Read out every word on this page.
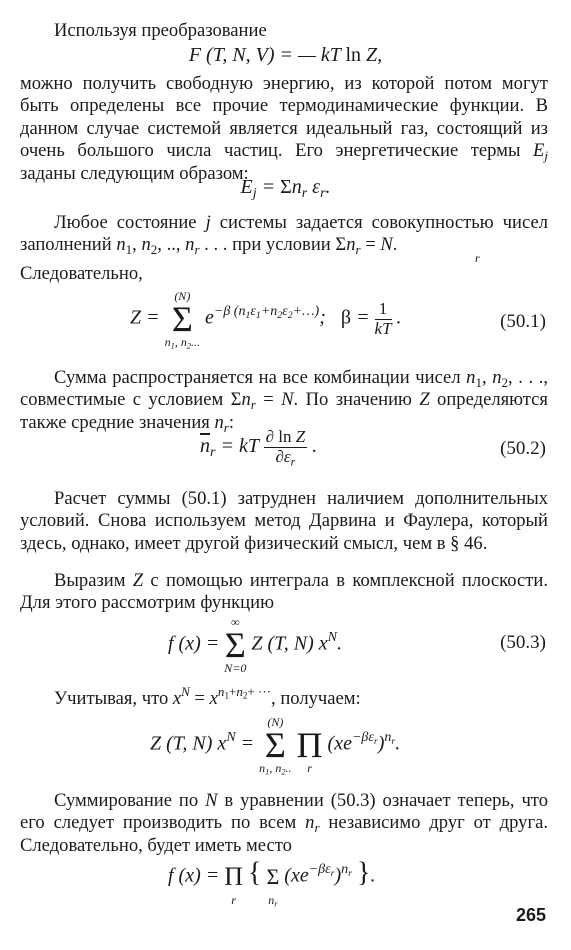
Используя преобразование

F (T, N, V) = — kT ln Z,

можно получить свободную энергию, из которой потом могут быть определены все прочие термодинамические функции. В данном случае системой является идеальный газ, состоящий из очень большого числа частиц. Его энергетические термы $E_j$ заданы следующим образом:

$E_j = \Sigma n_r$ $\varepsilon_r$.

Любое состояние j системы задается совокупностью чисел заполнений $n_1$, $n_2$, .., $n_r$ . . . при условии $\Sigma n_r = N$.

r

Следовательно,

Z =
(N)
Σ
$n_1$, $n_2$...
$e^{-\beta (n_1\varepsilon_1+n_2\varepsilon_2+\dots)}$;   $\beta = \frac{1}{kT}$ .	(50.1)

Сумма распространяется на все комбинации чисел $n_1$, $n_2$, . . ., совместимые с условием $\Sigma n_r = N$. По значению Z определяются также средние значения $n_r$:

$\overline{n}_r$ = kT $\frac{\text{∂ ln Z}}{\partial\varepsilon_r}$ .	(50.2)

Расчет суммы (50.1) затруднен наличием дополнительных условий. Снова используем метод Дарвина и Фаулера, который здесь, однако, имеет другой физический смысл, чем в § 46.

Выразим Z с помощью интеграла в комплексной плоскости. Для этого рассмотрим функцию

f (x) =
∞
Σ
N=0
Z (T, N) $x^N$.	(50.3)

Учитывая, что $x^N = x^{n_1+n_2+ \cdot\cdot\cdot}$, получаем:

Z (T, N) $x^N$ =
(N)
Σ
$n_1$, $n_2$..

Π
r
$(xe^{-\beta\varepsilon_r})^{n_r}$.

Суммирование по N в уравнении (50.3) означает теперь, что его следует производить по всем $n_r$ независимо друг от друга. Следовательно, будет иметь место

f (x) =
Π
r
{
Σ
$n_r$
$(xe^{-\beta\varepsilon_r})^{n_r}$ }.
265
